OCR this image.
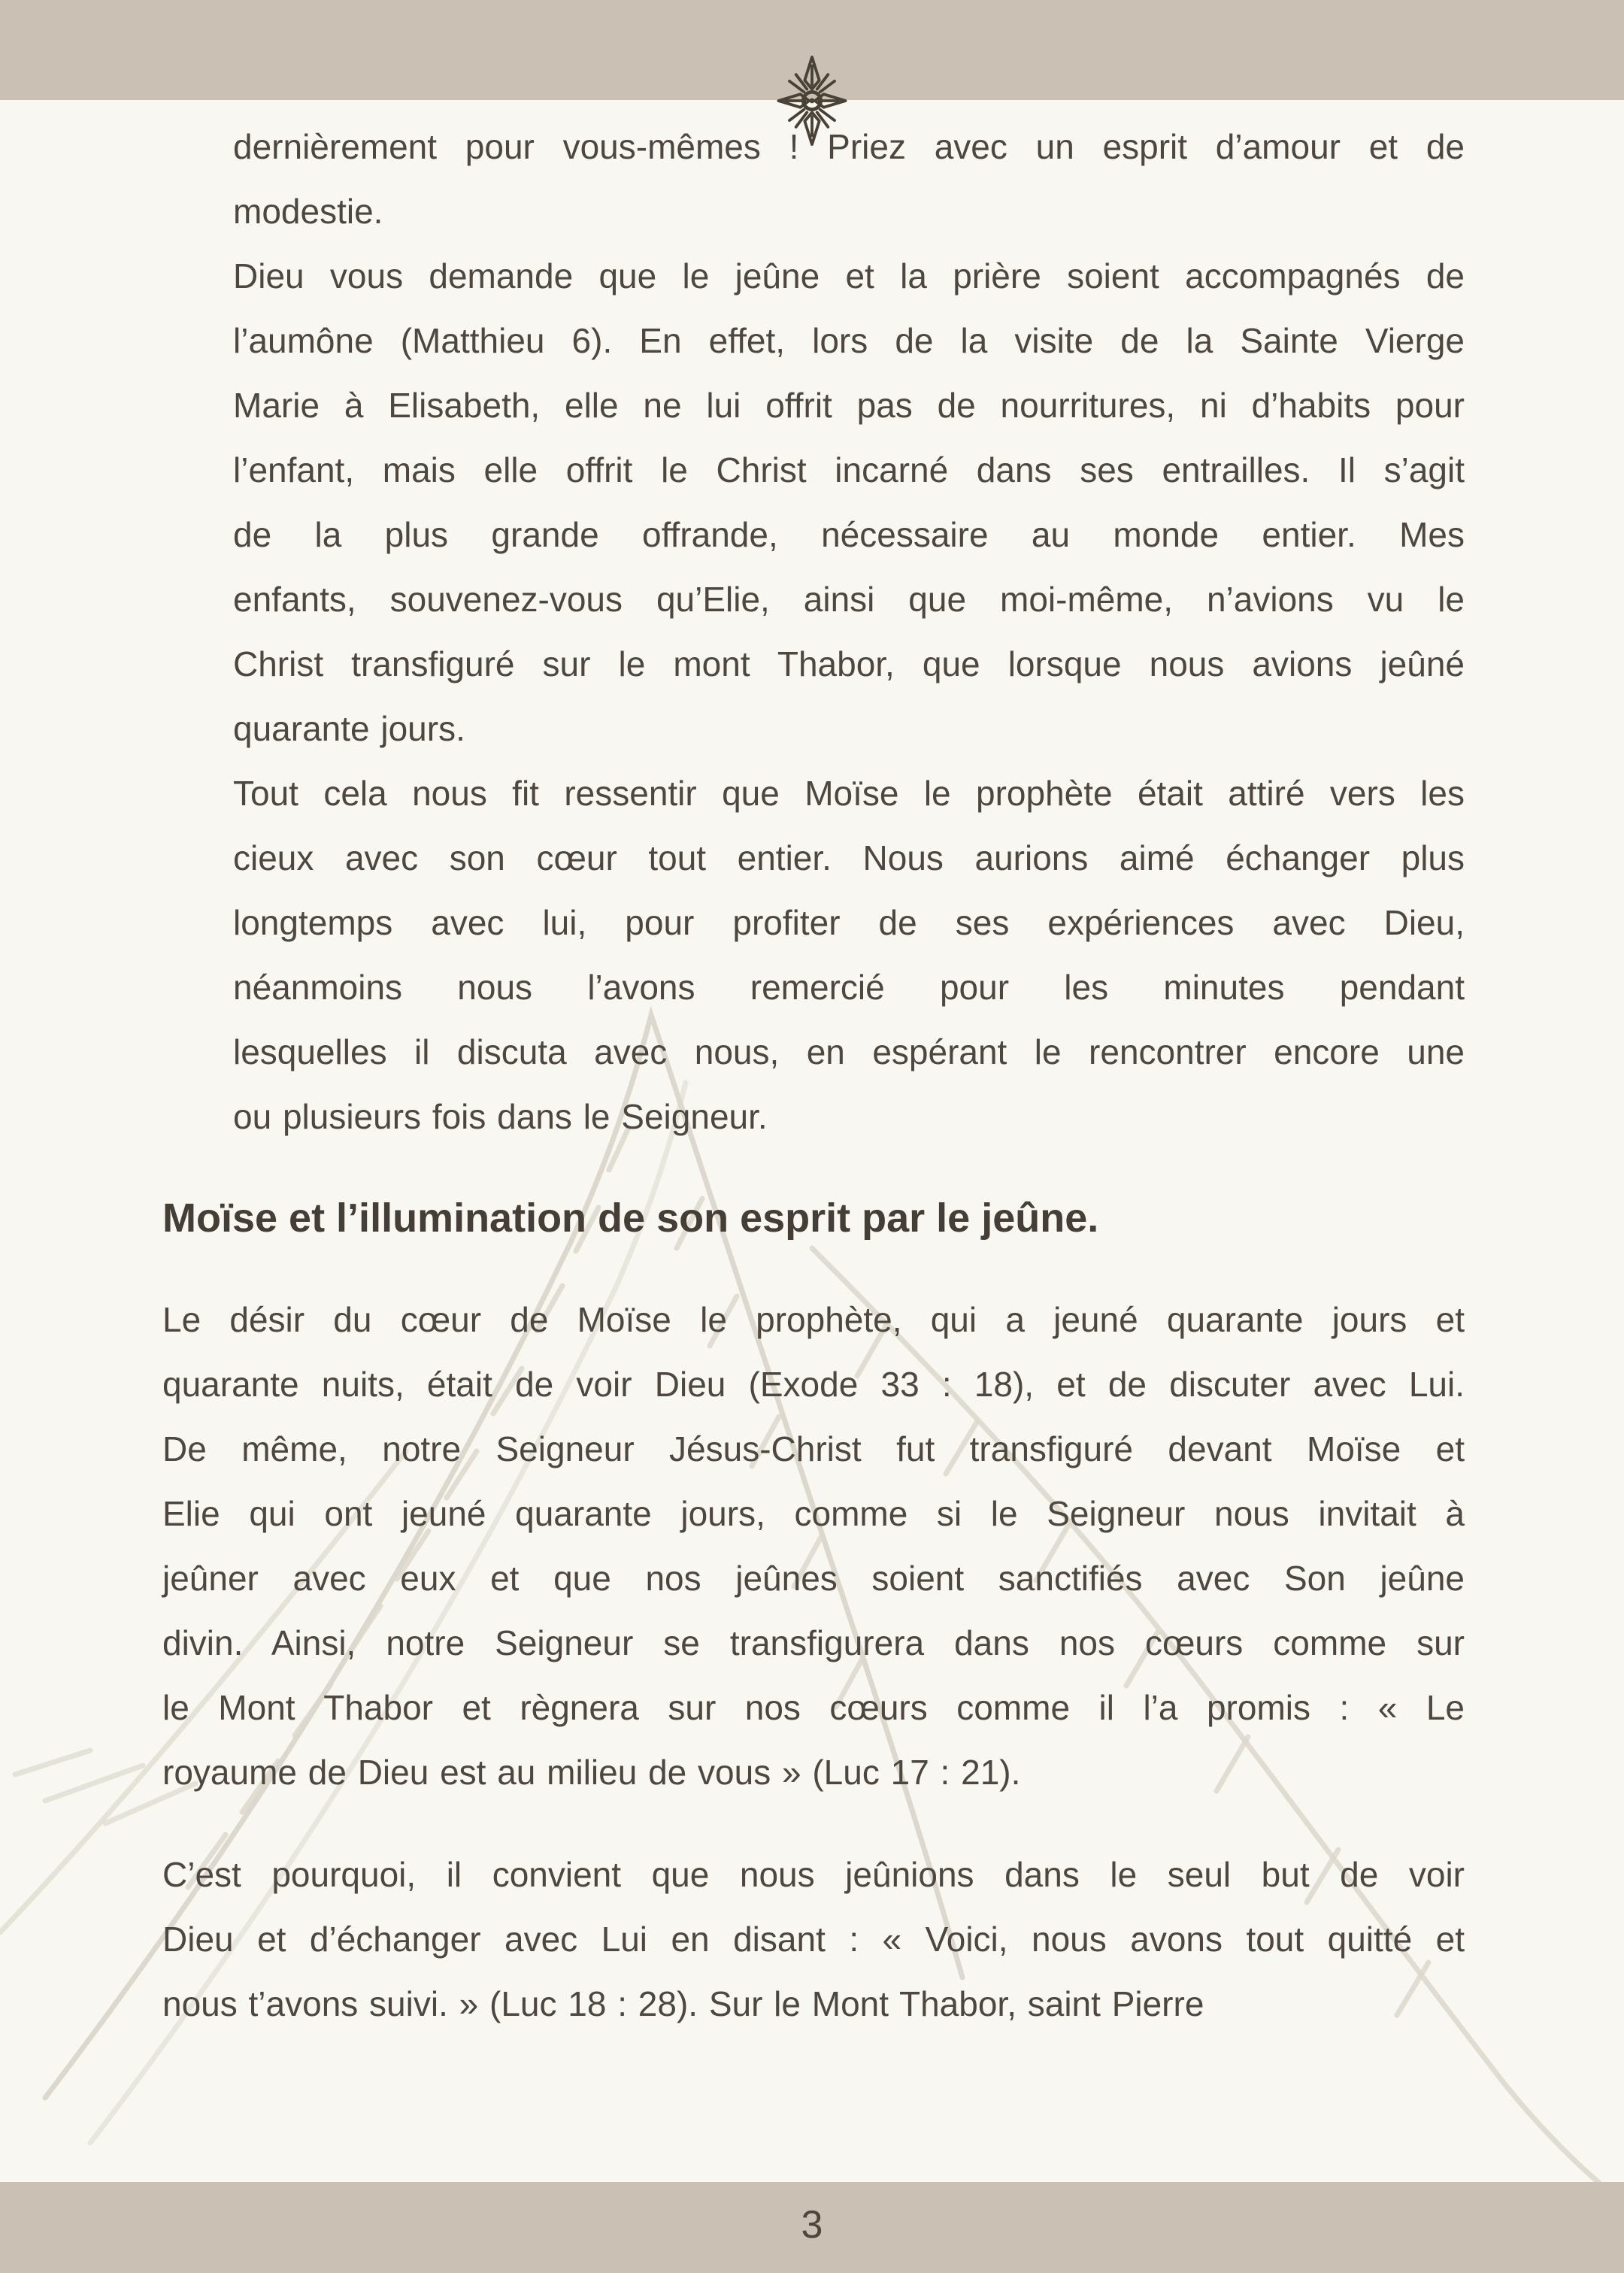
dernièrement pour vous-mêmes ! Priez avec un esprit d’amour et de
modestie.
Dieu vous demande que le jeûne et la prière soient accompagnés de
l’aumône (Matthieu 6). En effet, lors de la visite de la Sainte Vierge
Marie à Elisabeth, elle ne lui offrit pas de nourritures, ni d’habits pour
l’enfant, mais elle offrit le Christ incarné dans ses entrailles. Il s’agit
de la plus grande offrande, nécessaire au monde entier. Mes
enfants, souvenez-vous qu’Elie, ainsi que moi-même, n’avions vu le
Christ transfiguré sur le mont Thabor, que lorsque nous avions jeûné
quarante jours.
Tout cela nous fit ressentir que Moïse le prophète était attiré vers les
cieux avec son cœur tout entier. Nous aurions aimé échanger plus
longtemps avec lui, pour profiter de ses expériences avec Dieu,
néanmoins nous l’avons remercié pour les minutes pendant
lesquelles il discuta avec nous, en espérant le rencontrer encore une
ou plusieurs fois dans le Seigneur.
Moïse et l’illumination de son esprit par le jeûne.
Le désir du cœur de Moïse le prophète, qui a jeuné quarante jours et
quarante nuits, était de voir Dieu (Exode 33 : 18), et de discuter avec Lui.
De même, notre Seigneur Jésus-Christ fut transfiguré devant Moïse et
Elie qui ont jeuné quarante jours, comme si le Seigneur nous invitait à
jeûner avec eux et que nos jeûnes soient sanctifiés avec Son jeûne
divin. Ainsi, notre Seigneur se transfigurera dans nos cœurs comme sur
le Mont Thabor et règnera sur nos cœurs comme il l’a promis : « Le
royaume de Dieu est au milieu de vous » (Luc 17 : 21).
C’est pourquoi, il convient que nous jeûnions dans le seul but de voir
Dieu et d’échanger avec Lui en disant : « Voici, nous avons tout quitté et
nous t’avons suivi. » (Luc 18 : 28). Sur le Mont Thabor, saint Pierre
3
